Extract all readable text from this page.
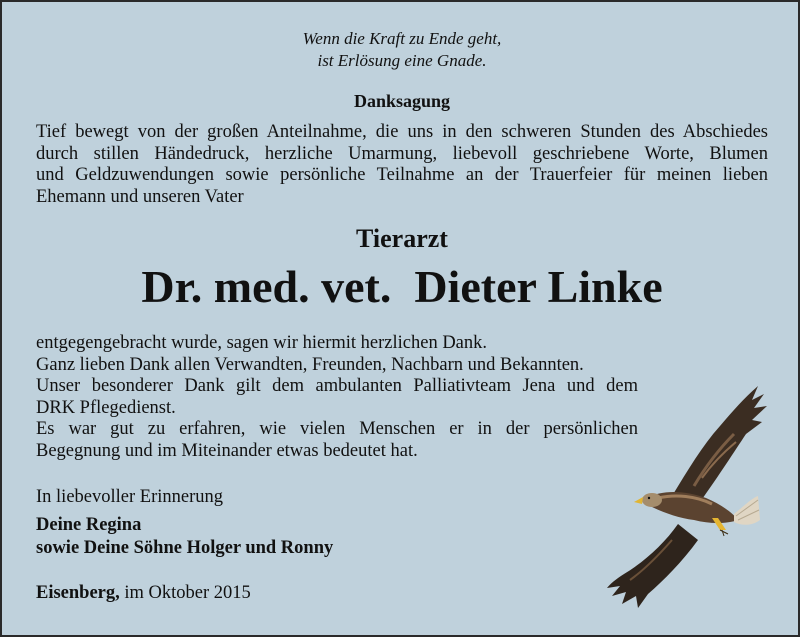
Wenn die Kraft zu Ende geht,
ist Erlösung eine Gnade.
Danksagung
Tief bewegt von der großen Anteilnahme, die uns in den schweren Stunden des Abschiedes
durch stillen Händedruck, herzliche Umarmung, liebevoll geschriebene Worte, Blumen
und Geldzuwendungen sowie persönliche Teilnahme an der Trauerfeier für meinen lieben
Ehemann und unseren Vater
Tierarzt
Dr. med. vet.  Dieter Linke
entgegengebracht wurde, sagen wir hiermit herzlichen Dank.
Ganz lieben Dank allen Verwandten, Freunden, Nachbarn und Bekannten.
Unser besonderer Dank gilt dem ambulanten Palliativteam Jena und dem
DRK Pflegedienst.
Es war gut zu erfahren, wie vielen Menschen er in der persönlichen
Begegnung und im Miteinander etwas bedeutet hat.
In liebevoller Erinnerung
Deine Regina
sowie Deine Söhne Holger und Ronny
Eisenberg, im Oktober 2015
